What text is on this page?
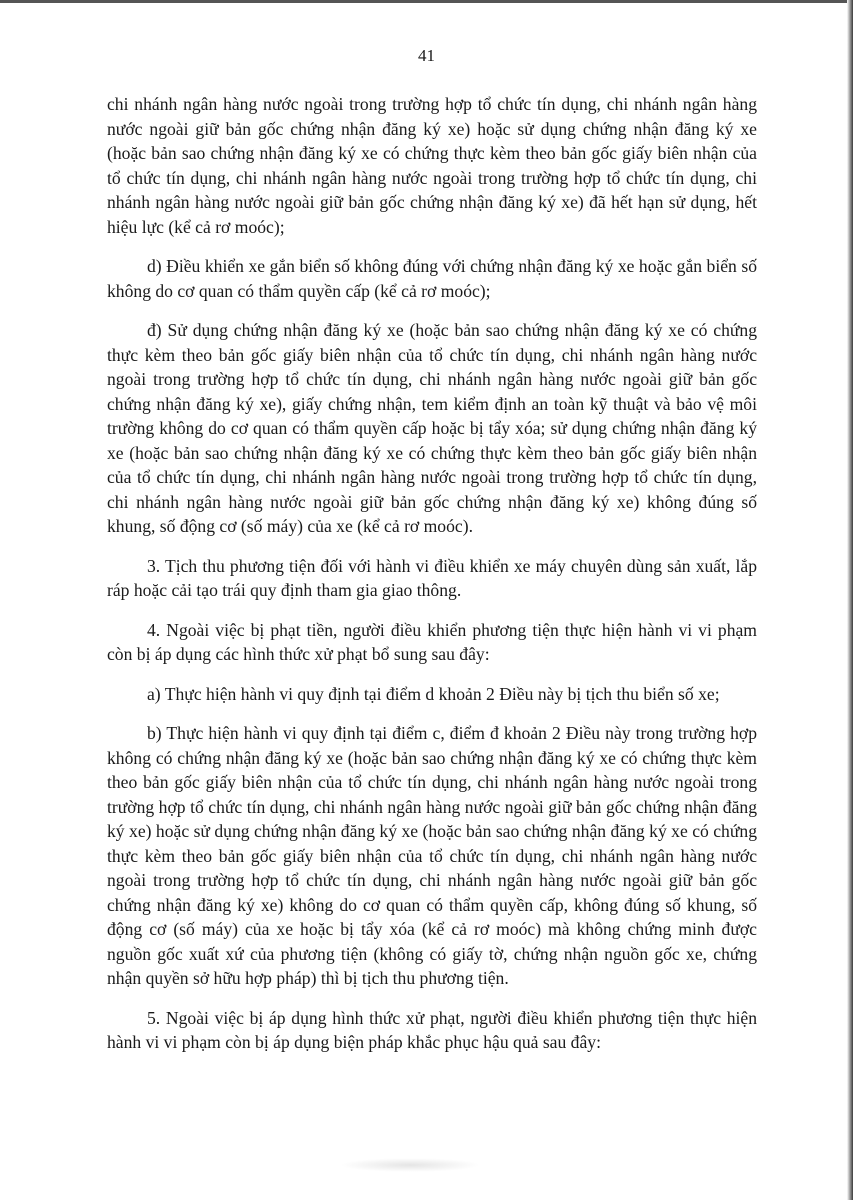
41

chi nhánh ngân hàng nước ngoài trong trường hợp tổ chức tín dụng, chi nhánh ngân hàng nước ngoài giữ bản gốc chứng nhận đăng ký xe) hoặc sử dụng chứng nhận đăng ký xe (hoặc bản sao chứng nhận đăng ký xe có chứng thực kèm theo bản gốc giấy biên nhận của tổ chức tín dụng, chi nhánh ngân hàng nước ngoài trong trường hợp tổ chức tín dụng, chi nhánh ngân hàng nước ngoài giữ bản gốc chứng nhận đăng ký xe) đã hết hạn sử dụng, hết hiệu lực (kể cả rơ moóc);

d) Điều khiển xe gắn biển số không đúng với chứng nhận đăng ký xe hoặc gắn biển số không do cơ quan có thẩm quyền cấp (kể cả rơ moóc);

đ) Sử dụng chứng nhận đăng ký xe (hoặc bản sao chứng nhận đăng ký xe có chứng thực kèm theo bản gốc giấy biên nhận của tổ chức tín dụng, chi nhánh ngân hàng nước ngoài trong trường hợp tổ chức tín dụng, chi nhánh ngân hàng nước ngoài giữ bản gốc chứng nhận đăng ký xe), giấy chứng nhận, tem kiểm định an toàn kỹ thuật và bảo vệ môi trường không do cơ quan có thẩm quyền cấp hoặc bị tẩy xóa; sử dụng chứng nhận đăng ký xe (hoặc bản sao chứng nhận đăng ký xe có chứng thực kèm theo bản gốc giấy biên nhận của tổ chức tín dụng, chi nhánh ngân hàng nước ngoài trong trường hợp tổ chức tín dụng, chi nhánh ngân hàng nước ngoài giữ bản gốc chứng nhận đăng ký xe) không đúng số khung, số động cơ (số máy) của xe (kể cả rơ moóc).

3. Tịch thu phương tiện đối với hành vi điều khiển xe máy chuyên dùng sản xuất, lắp ráp hoặc cải tạo trái quy định tham gia giao thông.

4. Ngoài việc bị phạt tiền, người điều khiển phương tiện thực hiện hành vi vi phạm còn bị áp dụng các hình thức xử phạt bổ sung sau đây:

a) Thực hiện hành vi quy định tại điểm d khoản 2 Điều này bị tịch thu biển số xe;

b) Thực hiện hành vi quy định tại điểm c, điểm đ khoản 2 Điều này trong trường hợp không có chứng nhận đăng ký xe (hoặc bản sao chứng nhận đăng ký xe có chứng thực kèm theo bản gốc giấy biên nhận của tổ chức tín dụng, chi nhánh ngân hàng nước ngoài trong trường hợp tổ chức tín dụng, chi nhánh ngân hàng nước ngoài giữ bản gốc chứng nhận đăng ký xe) hoặc sử dụng chứng nhận đăng ký xe (hoặc bản sao chứng nhận đăng ký xe có chứng thực kèm theo bản gốc giấy biên nhận của tổ chức tín dụng, chi nhánh ngân hàng nước ngoài trong trường hợp tổ chức tín dụng, chi nhánh ngân hàng nước ngoài giữ bản gốc chứng nhận đăng ký xe) không do cơ quan có thẩm quyền cấp, không đúng số khung, số động cơ (số máy) của xe hoặc bị tẩy xóa (kể cả rơ moóc) mà không chứng minh được nguồn gốc xuất xứ của phương tiện (không có giấy tờ, chứng nhận nguồn gốc xe, chứng nhận quyền sở hữu hợp pháp) thì bị tịch thu phương tiện.

5. Ngoài việc bị áp dụng hình thức xử phạt, người điều khiển phương tiện thực hiện hành vi vi phạm còn bị áp dụng biện pháp khắc phục hậu quả sau đây:
